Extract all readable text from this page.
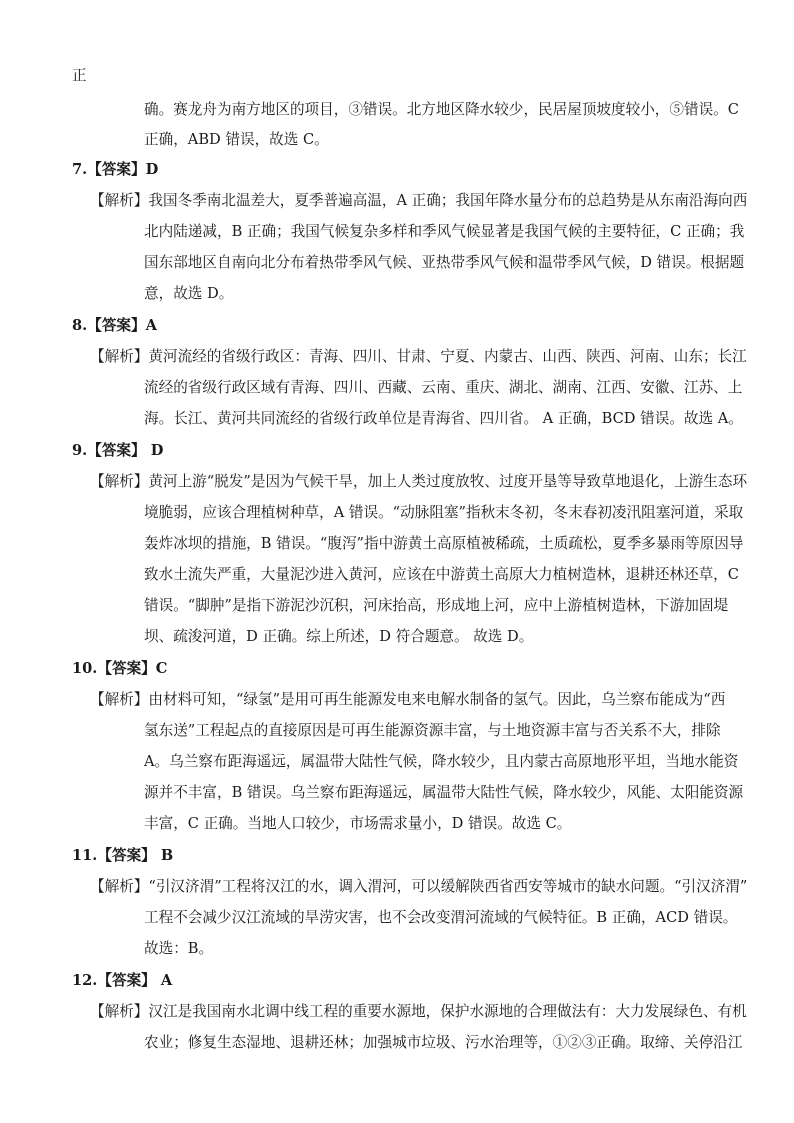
正
确。赛龙舟为南方地区的项目，③错误。北方地区降水较少，民居屋顶坡度较小，⑤错误。C
正确，ABD 错误，故选 C。
7.【答案】D
【解析】我国冬季南北温差大，夏季普遍高温，A 正确；我国年降水量分布的总趋势是从东南沿海向西
北内陆递减，B 正确；我国气候复杂多样和季风气候显著是我国气候的主要特征，C 正确；我
国东部地区自南向北分布着热带季风气候、亚热带季风气候和温带季风气候，D 错误。根据题
意，故选 D。
8.【答案】A
【解析】黄河流经的省级行政区：青海、四川、甘肃、宁夏、内蒙古、山西、陕西、河南、山东；长江
流经的省级行政区域有青海、四川、西藏、云南、重庆、湖北、湖南、江西、安徽、江苏、上
海。长江、黄河共同流经的省级行政单位是青海省、四川省。 A 正确，BCD 错误。故选 A。
9.【答案】 D
【解析】黄河上游“脱发”是因为气候干旱，加上人类过度放牧、过度开垦等导致草地退化，上游生态环
境脆弱，应该合理植树种草，A 错误。“动脉阻塞”指秋末冬初，冬末春初凌汛阻塞河道，采取
轰炸冰坝的措施，B 错误。“腹泻”指中游黄土高原植被稀疏，土质疏松，夏季多暴雨等原因导
致水土流失严重，大量泥沙进入黄河，应该在中游黄土高原大力植树造林，退耕还林还草，C
错误。“脚肿”是指下游泥沙沉积，河床抬高，形成地上河，应中上游植树造林，下游加固堤
坝、疏浚河道，D 正确。综上所述，D 符合题意。 故选 D。
10.【答案】C
【解析】由材料可知，“绿氢”是用可再生能源发电来电解水制备的氢气。因此，乌兰察布能成为“西
氢东送”工程起点的直接原因是可再生能源资源丰富，与土地资源丰富与否关系不大，排除
A。乌兰察布距海遥远，属温带大陆性气候，降水较少，且内蒙古高原地形平坦，当地水能资
源并不丰富，B 错误。乌兰察布距海遥远，属温带大陆性气候，降水较少，风能、太阳能资源
丰富，C 正确。当地人口较少，市场需求量小，D 错误。故选 C。
11.【答案】 B
【解析】“引汉济渭”工程将汉江的水，调入渭河，可以缓解陕西省西安等城市的缺水问题。“引汉济渭”
工程不会减少汉江流域的旱涝灾害，也不会改变渭河流域的气候特征。B 正确，ACD 错误。
故选：B。
12.【答案】 A
【解析】汉江是我国南水北调中线工程的重要水源地，保护水源地的合理做法有：大力发展绿色、有机
农业；修复生态湿地、退耕还林；加强城市垃圾、污水治理等，①②③正确。取缔、关停沿江
